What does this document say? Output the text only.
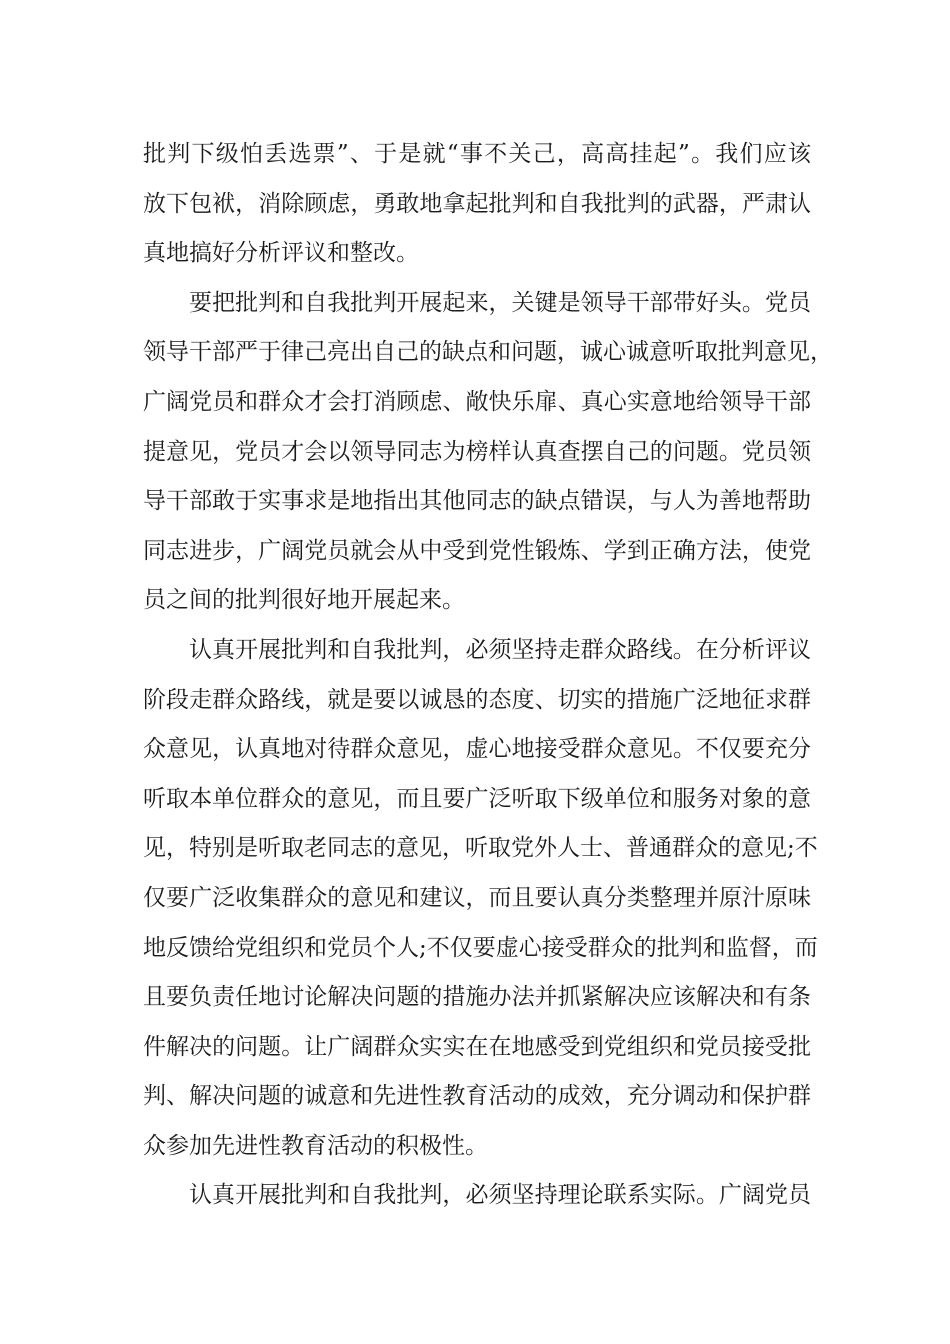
批判下级怕丢选票”、于是就“事不关己，高高挂起”。我们应该
放下包袱，消除顾虑，勇敢地拿起批判和自我批判的武器，严肃认
真地搞好分析评议和整改。
要把批判和自我批判开展起来，关键是领导干部带好头。党员
领导干部严于律己亮出自己的缺点和问题，诚心诚意听取批判意见，
广阔党员和群众才会打消顾虑、敞快乐扉、真心实意地给领导干部
提意见，党员才会以领导同志为榜样认真查摆自己的问题。党员领
导干部敢于实事求是地指出其他同志的缺点错误，与人为善地帮助
同志进步，广阔党员就会从中受到党性锻炼、学到正确方法，使党
员之间的批判很好地开展起来。
认真开展批判和自我批判，必须坚持走群众路线。在分析评议
阶段走群众路线，就是要以诚恳的态度、切实的措施广泛地征求群
众意见，认真地对待群众意见，虚心地接受群众意见。不仅要充分
听取本单位群众的意见，而且要广泛听取下级单位和服务对象的意
见，特别是听取老同志的意见，听取党外人士、普通群众的意见;不
仅要广泛收集群众的意见和建议，而且要认真分类整理并原汁原味
地反馈给党组织和党员个人;不仅要虚心接受群众的批判和监督，而
且要负责任地讨论解决问题的措施办法并抓紧解决应该解决和有条
件解决的问题。让广阔群众实实在在地感受到党组织和党员接受批
判、解决问题的诚意和先进性教育活动的成效，充分调动和保护群
众参加先进性教育活动的积极性。
认真开展批判和自我批判，必须坚持理论联系实际。广阔党员
